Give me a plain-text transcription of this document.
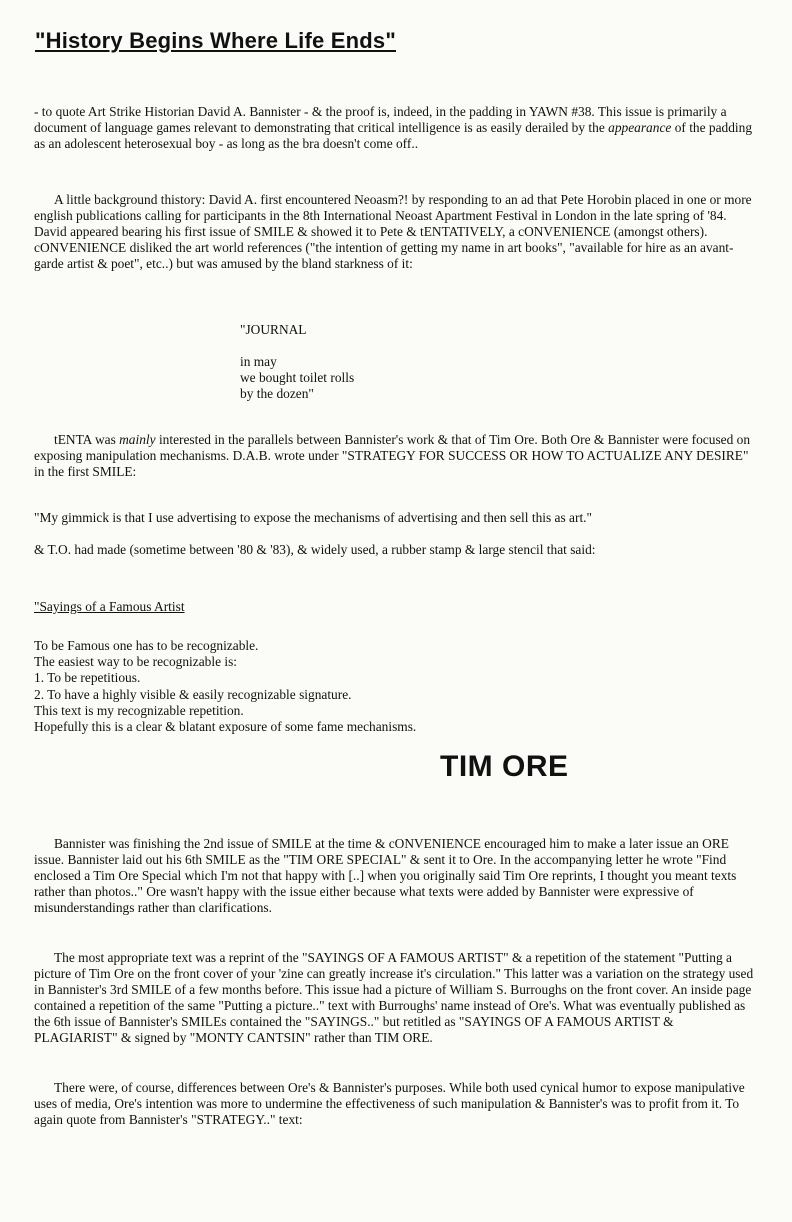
"History Begins Where Life Ends"

- to quote Art Strike Historian David A. Bannister - & the proof is, indeed, in the padding in YAWN #38. This issue is primarily a document of language games relevant to demonstrating that critical intelligence is as easily derailed by the appearance of the padding as an adolescent heterosexual boy - as long as the bra doesn't come off..

A little background thistory: David A. first encountered Neoasm?! by responding to an ad that Pete Horobin placed in one or more english publications calling for participants in the 8th International Neoast Apartment Festival in London in the late spring of '84. David appeared bearing his first issue of SMILE & showed it to Pete & tENTATIVELY, a cONVENIENCE (amongst others). cONVENIENCE disliked the art world references ("the intention of getting my name in art books", "available for hire as an avant-garde artist & poet", etc..) but was amused by the bland starkness of it:

"JOURNAL
in may
we bought toilet rolls
by the dozen"

tENTA was mainly interested in the parallels between Bannister's work & that of Tim Ore. Both Ore & Bannister were focused on exposing manipulation mechanisms. D.A.B. wrote under "STRATEGY FOR SUCCESS OR HOW TO ACTUALIZE ANY DESIRE" in the first SMILE:

"My gimmick is that I use advertising to expose the mechanisms of advertising and then sell this as art."

& T.O. had made (sometime between '80 & '83), & widely used, a rubber stamp & large stencil that said:

"Sayings of a Famous Artist

To be Famous one has to be recognizable.
The easiest way to be recognizable is:
1. To be repetitious.
2. To have a highly visible & easily recognizable signature.
This text is my recognizable repetition.
Hopefully this is a clear & blatant exposure of some fame mechanisms.
TIM ORE

Bannister was finishing the 2nd issue of SMILE at the time & cONVENIENCE encouraged him to make a later issue an ORE issue. Bannister laid out his 6th SMILE as the "TIM ORE SPECIAL" & sent it to Ore. In the accompanying letter he wrote "Find enclosed a Tim Ore Special which I'm not that happy with [..] when you originally said Tim Ore reprints, I thought you meant texts rather than photos.." Ore wasn't happy with the issue either because what texts were added by Bannister were expressive of misunderstandings rather than clarifications.

The most appropriate text was a reprint of the "SAYINGS OF A FAMOUS ARTIST" & a repetition of the statement "Putting a picture of Tim Ore on the front cover of your 'zine can greatly increase it's circulation." This latter was a variation on the strategy used in Bannister's 3rd SMILE of a few months before. This issue had a picture of William S. Burroughs on the front cover. An inside page contained a repetition of the same "Putting a picture.." text with Burroughs' name instead of Ore's. What was eventually published as the 6th issue of Bannister's SMILEs contained the "SAYINGS.." but retitled as "SAYINGS OF A FAMOUS ARTIST & PLAGIARIST" & signed by "MONTY CANTSIN" rather than TIM ORE.

There were, of course, differences between Ore's & Bannister's purposes. While both used cynical humor to expose manipulative uses of media, Ore's intention was more to undermine the effectiveness of such manipulation & Bannister's was to profit from it. To again quote from Bannister's "STRATEGY.." text:
